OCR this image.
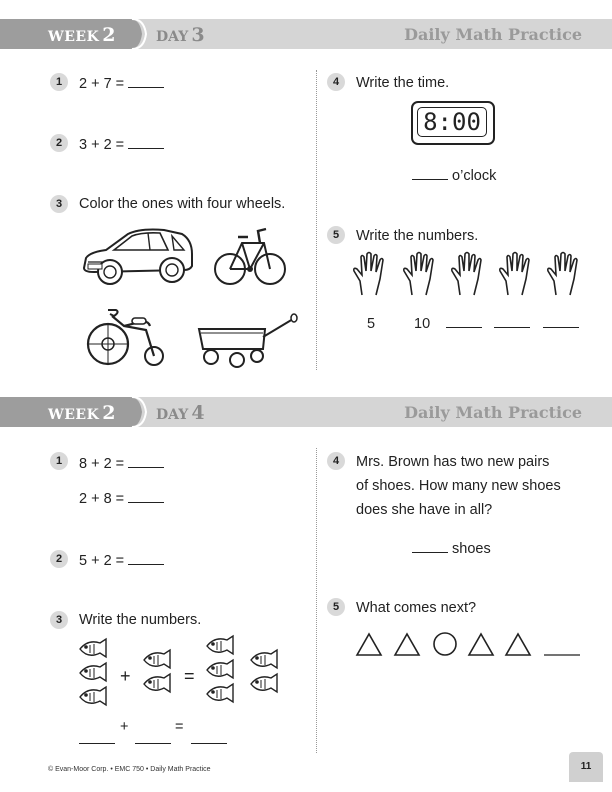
WEEK 2	DAY 3	Daily Math Practice
1	2 + 7 =
2	3 + 2 =
3	Color the ones with four wheels.
4	Write the time.
8:00
o’clock
5	Write the numbers.
5	10
WEEK 2	DAY 4	Daily Math Practice
1	8 + 2 =
2 + 8 =
2	5 + 2 =
3	Write the numbers.
+	=
+	=
4	Mrs. Brown has two new pairs
of shoes. How many new shoes
does she have in all?
shoes
5	What comes next?
© Evan-Moor Corp. • EMC 750 • Daily Math Practice	11
